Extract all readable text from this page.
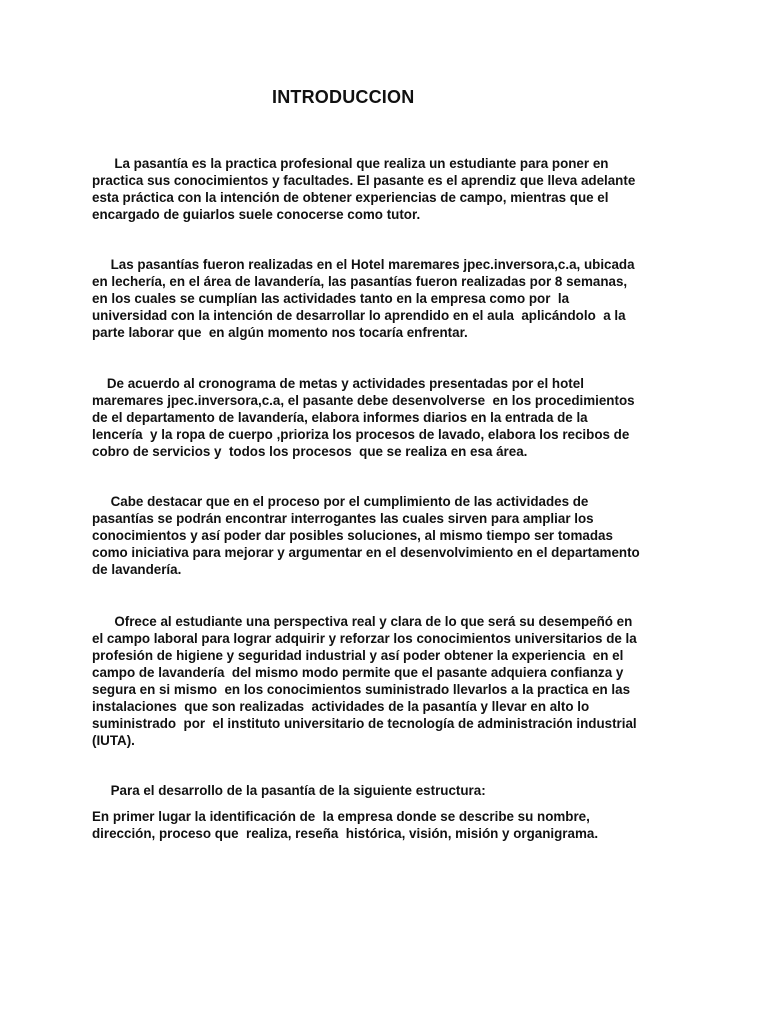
INTRODUCCION

La pasantía es la practica profesional que realiza un estudiante para poner en
practica sus conocimientos y facultades. El pasante es el aprendiz que lleva adelante
esta práctica con la intención de obtener experiencias de campo, mientras que el
encargado de guiarlos suele conocerse como tutor.

Las pasantías fueron realizadas en el Hotel maremares jpec.inversora,c.a, ubicada
en lechería, en el área de lavandería, las pasantías fueron realizadas por 8 semanas,
en los cuales se cumplían las actividades tanto en la empresa como por  la
universidad con la intención de desarrollar lo aprendido en el aula  aplicándolo  a la
parte laborar que  en algún momento nos tocaría enfrentar.

De acuerdo al cronograma de metas y actividades presentadas por el hotel
maremares jpec.inversora,c.a, el pasante debe desenvolverse  en los procedimientos
de el departamento de lavandería, elabora informes diarios en la entrada de la
lencería  y la ropa de cuerpo ,prioriza los procesos de lavado, elabora los recibos de
cobro de servicios y  todos los procesos  que se realiza en esa área.

Cabe destacar que en el proceso por el cumplimiento de las actividades de
pasantías se podrán encontrar interrogantes las cuales sirven para ampliar los
conocimientos y así poder dar posibles soluciones, al mismo tiempo ser tomadas
como iniciativa para mejorar y argumentar en el desenvolvimiento en el departamento
de lavandería.

Ofrece al estudiante una perspectiva real y clara de lo que será su desempeñó en
el campo laboral para lograr adquirir y reforzar los conocimientos universitarios de la
profesión de higiene y seguridad industrial y así poder obtener la experiencia  en el
campo de lavandería  del mismo modo permite que el pasante adquiera confianza y
segura en si mismo  en los conocimientos suministrado llevarlos a la practica en las
instalaciones  que son realizadas  actividades de la pasantía y llevar en alto lo
suministrado  por  el instituto universitario de tecnología de administración industrial
(IUTA).

Para el desarrollo de la pasantía de la siguiente estructura:

En primer lugar la identificación de  la empresa donde se describe su nombre,
dirección, proceso que  realiza, reseña  histórica, visión, misión y organigrama.
